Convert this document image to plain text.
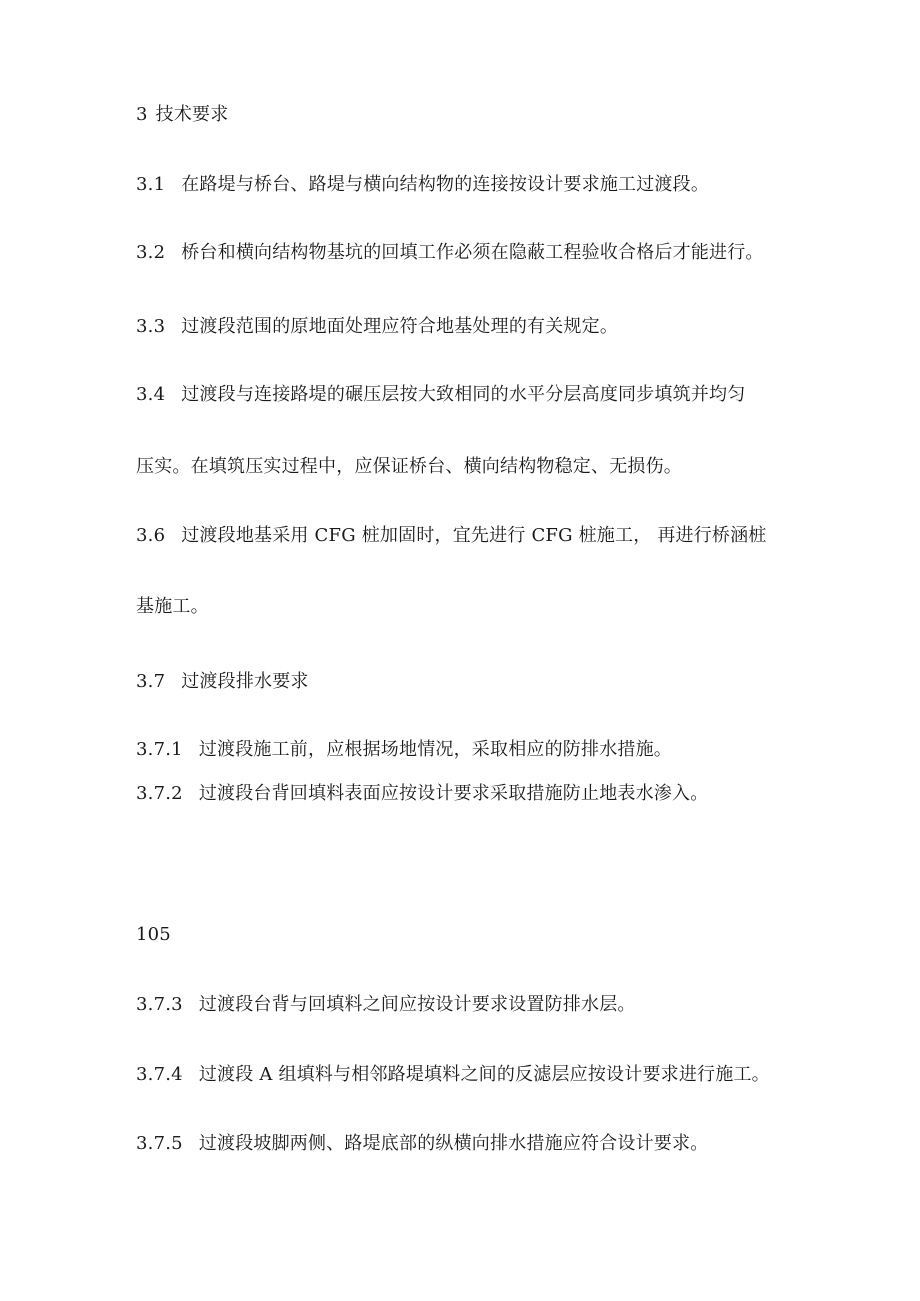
3 技术要求
3.1 在路堤与桥台、路堤与横向结构物的连接按设计要求施工过渡段。
3.2 桥台和横向结构物基坑的回填工作必须在隐蔽工程验收合格后才能进行。
3.3 过渡段范围的原地面处理应符合地基处理的有关规定。
3.4 过渡段与连接路堤的碾压层按大致相同的水平分层高度同步填筑并均匀
压实。在填筑压实过程中，应保证桥台、横向结构物稳定、无损伤。
3.6 过渡段地基采用 CFG 桩加固时，宜先进行 CFG 桩施工， 再进行桥涵桩
基施工。
3.7 过渡段排水要求
3.7.1 过渡段施工前，应根据场地情况，采取相应的防排水措施。
3.7.2 过渡段台背回填料表面应按设计要求采取措施防止地表水渗入。
105
3.7.3 过渡段台背与回填料之间应按设计要求设置防排水层。
3.7.4 过渡段 A 组填料与相邻路堤填料之间的反滤层应按设计要求进行施工。
3.7.5 过渡段坡脚两侧、路堤底部的纵横向排水措施应符合设计要求。
